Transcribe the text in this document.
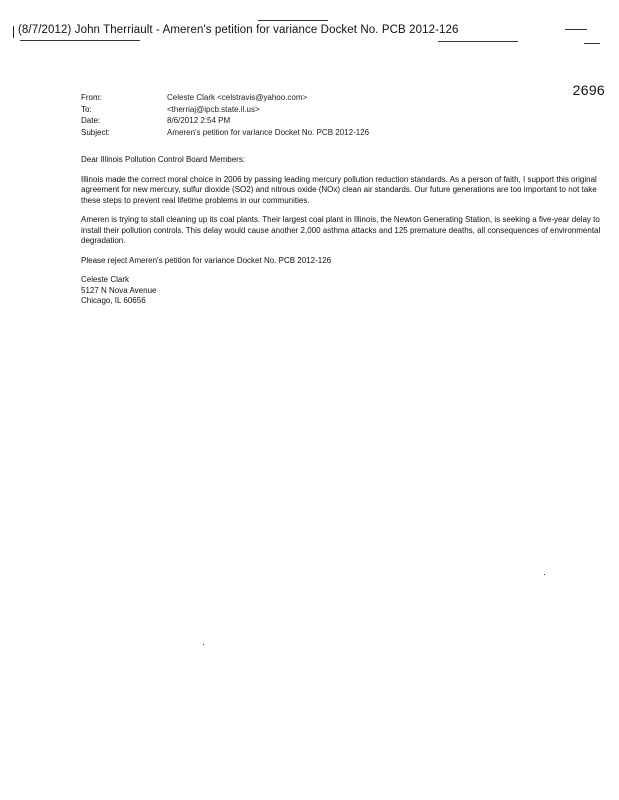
(8/7/2012) John Therriault - Ameren's petition for variance Docket No. PCB 2012-126
2696
From:	Celeste Clark <celstravis@yahoo.com>
To:	<therriaj@ipcb.state.il.us>
Date:	8/6/2012 2:54 PM
Subject:	Ameren's petition for variance Docket No. PCB 2012-126

Dear Illinois Pollution Control Board Members:

Illinois made the correct moral choice in 2006 by passing leading mercury pollution reduction standards. As a person of faith, I support this original agreement for new mercury, sulfur dioxide (SO2) and nitrous oxide (NOx) clean air standards. Our future generations are too important to not take these steps to prevent real lifetime problems in our communities.

Ameren is trying to stall cleaning up its coal plants. Their largest coal plant in Illinois, the Newton Generating Station, is seeking a five-year delay to install their pollution controls. This delay would cause another 2,000 asthma attacks and 125 premature deaths, all consequences of environmental degradation.

Please reject Ameren's petition for variance Docket No. PCB 2012-126

Celeste Clark
5127 N Nova Avenue
Chicago, IL 60656
